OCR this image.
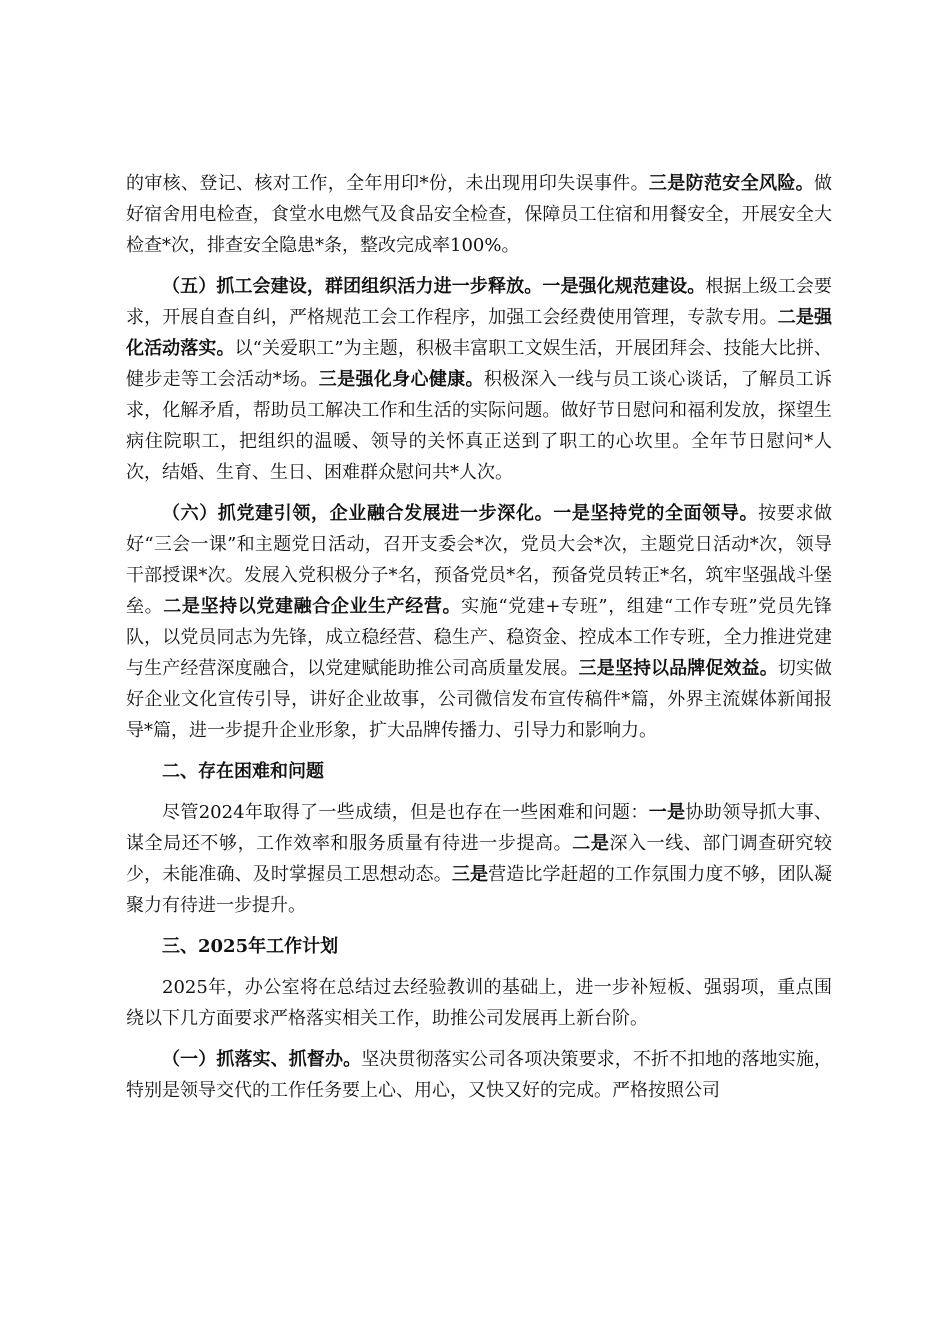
的审核、登记、核对工作，全年用印*份，未出现用印失误事件。三是防范安全风险。做好宿舍用电检查，食堂水电燃气及食品安全检查，保障员工住宿和用餐安全，开展安全大检查*次，排查安全隐患*条，整改完成率100%。

（五）抓工会建设，群团组织活力进一步释放。一是强化规范建设。根据上级工会要求，开展自查自纠，严格规范工会工作程序，加强工会经费使用管理，专款专用。二是强化活动落实。以“关爱职工”为主题，积极丰富职工文娱生活，开展团拜会、技能大比拼、健步走等工会活动*场。三是强化身心健康。积极深入一线与员工谈心谈话，了解员工诉求，化解矛盾，帮助员工解决工作和生活的实际问题。做好节日慰问和福利发放，探望生病住院职工，把组织的温暖、领导的关怀真正送到了职工的心坎里。全年节日慰问*人次，结婚、生育、生日、困难群众慰问共*人次。

（六）抓党建引领，企业融合发展进一步深化。一是坚持党的全面领导。按要求做好“三会一课”和主题党日活动，召开支委会*次，党员大会*次，主题党日活动*次，领导干部授课*次。发展入党积极分子*名，预备党员*名，预备党员转正*名，筑牢坚强战斗堡垒。二是坚持以党建融合企业生产经营。实施“党建+专班”，组建“工作专班”党员先锋队，以党员同志为先锋，成立稳经营、稳生产、稳资金、控成本工作专班，全力推进党建与生产经营深度融合，以党建赋能助推公司高质量发展。三是坚持以品牌促效益。切实做好企业文化宣传引导，讲好企业故事，公司微信发布宣传稿件*篇，外界主流媒体新闻报导*篇，进一步提升企业形象，扩大品牌传播力、引导力和影响力。

二、存在困难和问题

尽管2024年取得了一些成绩，但是也存在一些困难和问题：一是协助领导抓大事、谋全局还不够，工作效率和服务质量有待进一步提高。二是深入一线、部门调查研究较少，未能准确、及时掌握员工思想动态。三是营造比学赶超的工作氛围力度不够，团队凝聚力有待进一步提升。

三、2025年工作计划

2025年，办公室将在总结过去经验教训的基础上，进一步补短板、强弱项，重点围绕以下几方面要求严格落实相关工作，助推公司发展再上新台阶。

（一）抓落实、抓督办。坚决贯彻落实公司各项决策要求，不折不扣地的落地实施，特别是领导交代的工作任务要上心、用心，又快又好的完成。严格按照公司
